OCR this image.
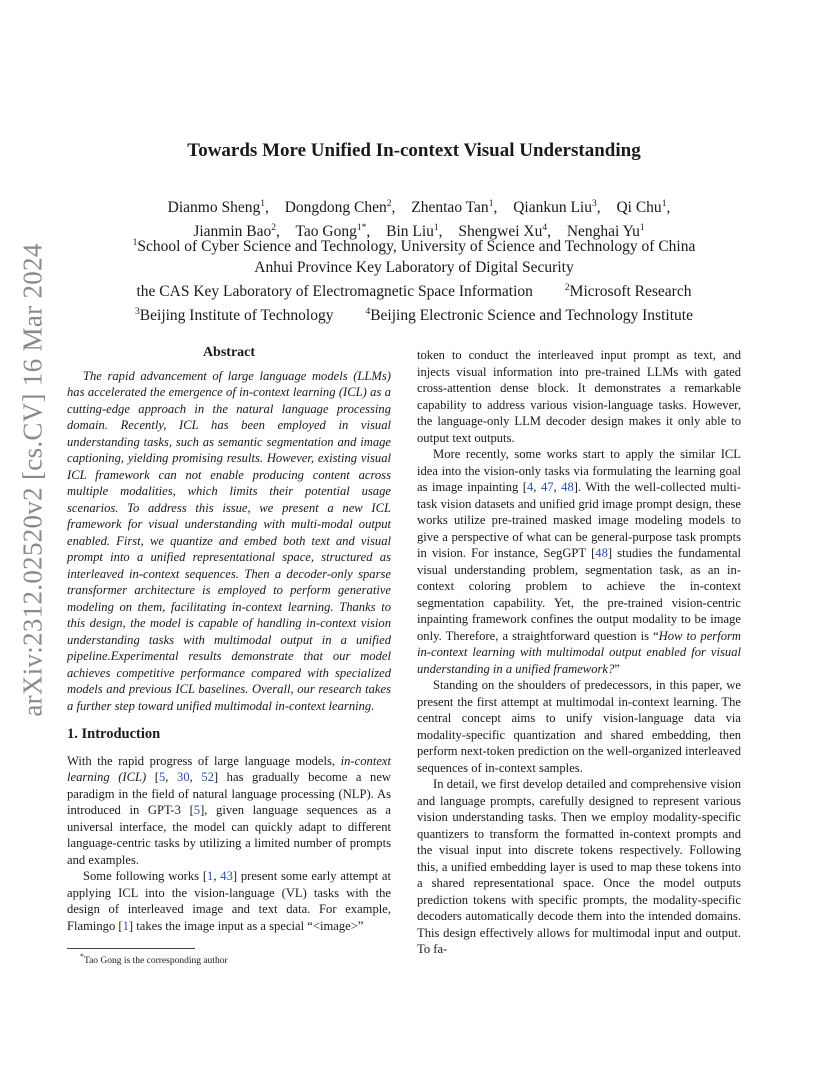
arXiv:2312.02520v2 [cs.CV] 16 Mar 2024
Towards More Unified In-context Visual Understanding
Dianmo Sheng$^1$, Dongdong Chen$^2$, Zhentao Tan$^1$, Qiankun Liu$^3$, Qi Chu$^1$,
Jianmin Bao$^2$, Tao Gong$^{1*}$, Bin Liu$^1$, Shengwei Xu$^4$, Nenghai Yu$^1$
$^1$School of Cyber Science and Technology, University of Science and Technology of China
Anhui Province Key Laboratory of Digital Security
the CAS Key Laboratory of Electromagnetic Space Information	$^2$Microsoft Research
$^3$Beijing Institute of Technology	$^4$Beijing Electronic Science and Technology Institute
Abstract

The rapid advancement of large language models (LLMs) has accelerated the emergence of in-context learning (ICL) as a cutting-edge approach in the natural language processing domain. Recently, ICL has been employed in visual understanding tasks, such as semantic segmentation and image captioning, yielding promising results. However, existing visual ICL framework can not enable producing content across multiple modalities, which limits their potential usage scenarios. To address this issue, we present a new ICL framework for visual understanding with multi-modal output enabled. First, we quantize and embed both text and visual prompt into a unified representational space, structured as interleaved in-context sequences. Then a decoder-only sparse transformer architecture is employed to perform generative modeling on them, facilitating in-context learning. Thanks to this design, the model is capable of handling in-context vision understanding tasks with multimodal output in a unified pipeline.Experimental results demonstrate that our model achieves competitive performance compared with specialized models and previous ICL baselines. Overall, our research takes a further step toward unified multimodal in-context learning.

1. Introduction

With the rapid progress of large language models, in-context learning (ICL) [5, 30, 52] has gradually become a new paradigm in the field of natural language processing (NLP). As introduced in GPT-3 [5], given language sequences as a universal interface, the model can quickly adapt to different language-centric tasks by utilizing a limited number of prompts and examples.

Some following works [1, 43] present some early attempt at applying ICL into the vision-language (VL) tasks with the design of interleaved image and text data. For example, Flamingo [1] takes the image input as a special “<image>”

token to conduct the interleaved input prompt as text, and injects visual information into pre-trained LLMs with gated cross-attention dense block. It demonstrates a remarkable capability to address various vision-language tasks. However, the language-only LLM decoder design makes it only able to output text outputs.

More recently, some works start to apply the similar ICL idea into the vision-only tasks via formulating the learning goal as image inpainting [4, 47, 48]. With the well-collected multi-task vision datasets and unified grid image prompt design, these works utilize pre-trained masked image modeling models to give a perspective of what can be general-purpose task prompts in vision. For instance, SegGPT [48] studies the fundamental visual understanding problem, segmentation task, as an in-context coloring problem to achieve the in-context segmentation capability. Yet, the pre-trained vision-centric inpainting framework confines the output modality to be image only. Therefore, a straightforward question is “How to perform in-context learning with multimodal output enabled for visual understanding in a unified framework?”

Standing on the shoulders of predecessors, in this paper, we present the first attempt at multimodal in-context learning. The central concept aims to unify vision-language data via modality-specific quantization and shared embedding, then perform next-token prediction on the well-organized interleaved sequences of in-context samples.

In detail, we first develop detailed and comprehensive vision and language prompts, carefully designed to represent various vision understanding tasks. Then we employ modality-specific quantizers to transform the formatted in-context prompts and the visual input into discrete tokens respectively. Following this, a unified embedding layer is used to map these tokens into a shared representational space. Once the model outputs prediction tokens with specific prompts, the modality-specific decoders automatically decode them into the intended domains. This design effectively allows for multimodal input and output. To fa-

*Tao Gong is the corresponding author
